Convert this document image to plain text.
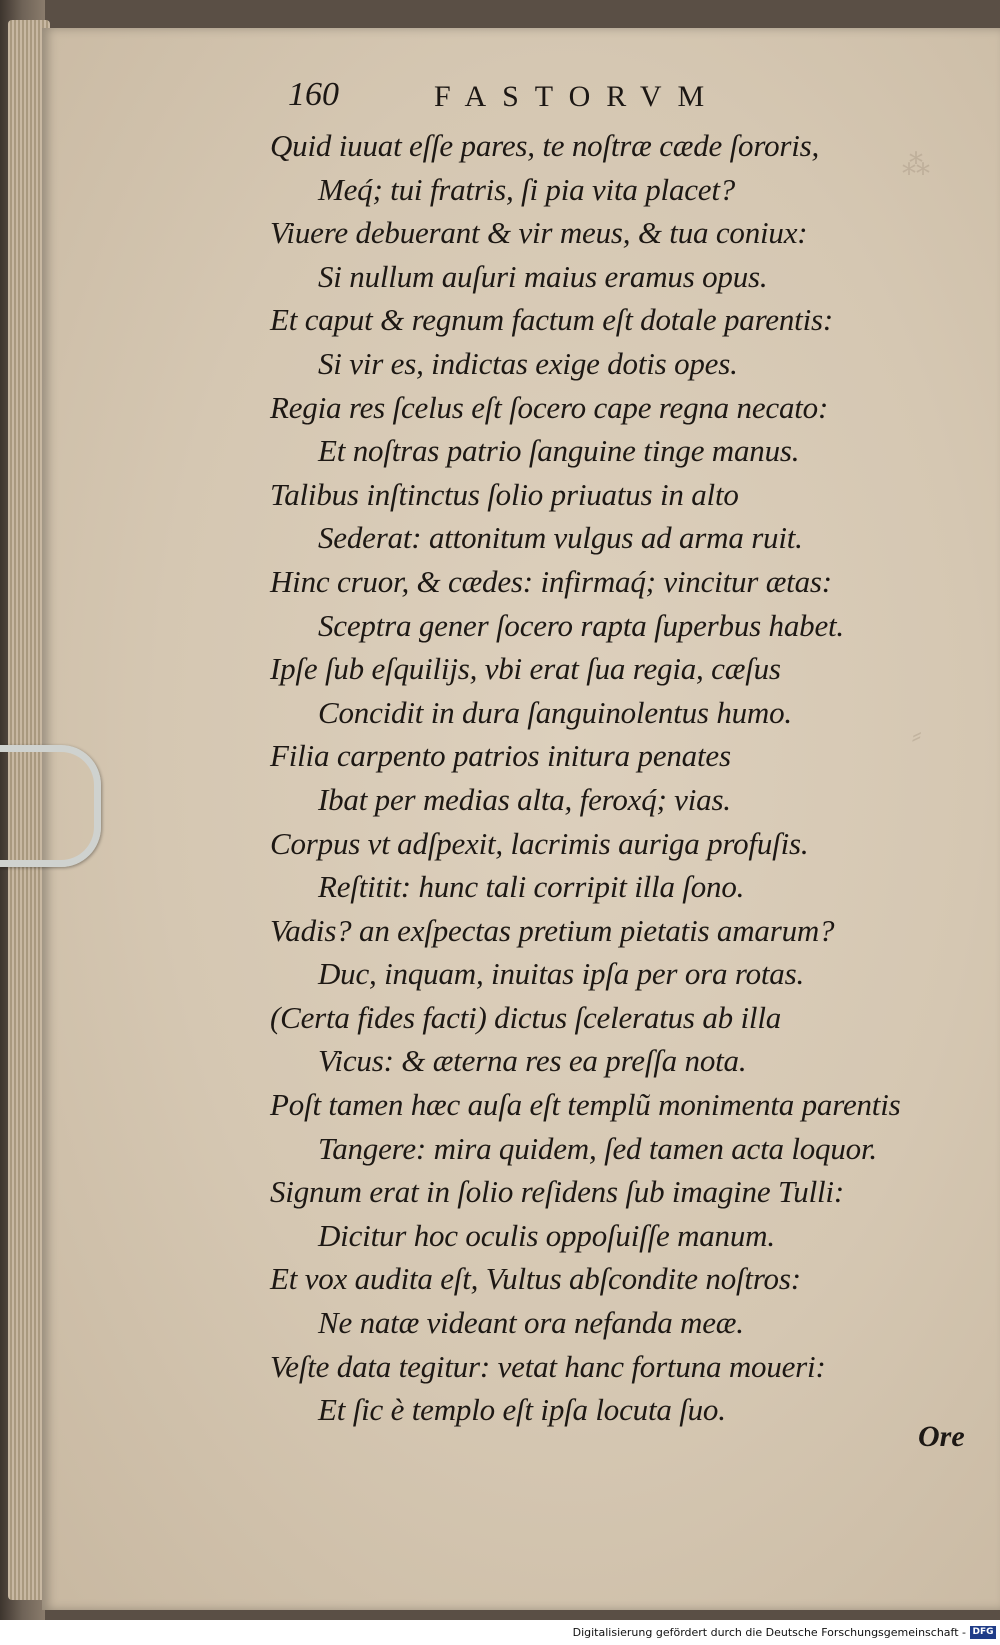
⁂
⸗
160	FASTORVM
Quid iuuat eſſe pares, te noſtræ cæde ſororis,
Meq́; tui fratris, ſi pia vita placet?
Viuere debuerant & vir meus, & tua coniux:
Si nullum auſuri maius eramus opus.
Et caput & regnum factum eſt dotale parentis:
Si vir es, indictas exige dotis opes.
Regia res ſcelus eſt ſocero cape regna necato:
Et noſtras patrio ſanguine tinge manus.
Talibus inſtinctus ſolio priuatus in alto
Sederat: attonitum vulgus ad arma ruit.
Hinc cruor, & cædes: infirmaq́; vincitur ætas:
Sceptra gener ſocero rapta ſuperbus habet.
Ipſe ſub eſquilijs, vbi erat ſua regia, cæſus
Concidit in dura ſanguinolentus humo.
Filia carpento patrios initura penates
Ibat per medias alta, feroxq́; vias.
Corpus vt adſpexit, lacrimis auriga profuſis.
Reſtitit: hunc tali corripit illa ſono.
Vadis? an exſpectas pretium pietatis amarum?
Duc, inquam, inuitas ipſa per ora rotas.
(Certa fides facti) dictus ſceleratus ab illa
Vicus: & æterna res ea preſſa nota.
Poſt tamen hæc auſa eſt templũ monimenta parentis
Tangere: mira quidem, ſed tamen acta loquor.
Signum erat in ſolio reſidens ſub imagine Tulli:
Dicitur hoc oculis oppoſuiſſe manum.
Et vox audita eſt, Vultus abſcondite noſtros:
Ne natæ videant ora nefanda meæ.
Veſte data tegitur: vetat hanc fortuna moueri:
Et ſic è templo eſt ipſa locuta ſuo.
Ore
Digitalisierung gefördert durch die Deutsche Forschungsgemeinschaft - DFG
